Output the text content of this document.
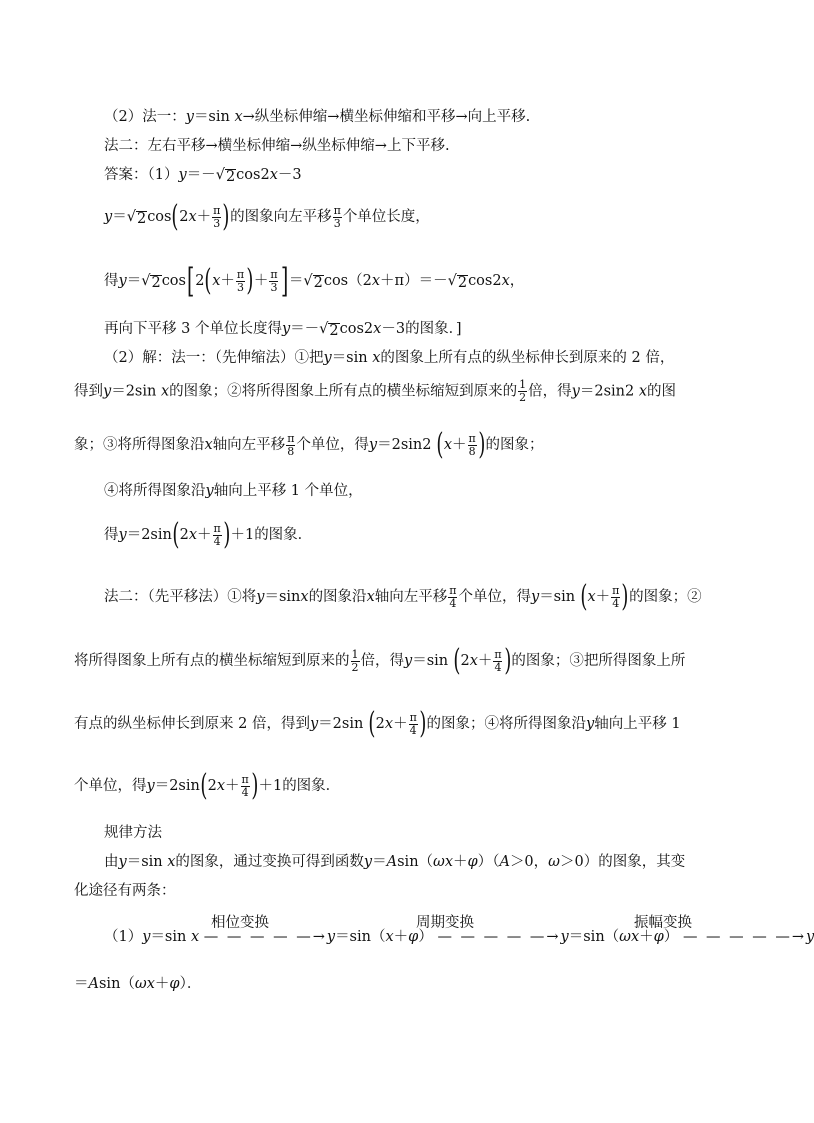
（2）法一：y＝sin x→纵坐标伸缩→横坐标伸缩和平移→向上平移.
法二：左右平移→横坐标伸缩→纵坐标伸缩→上下平移.
答案：（1）y＝－√ 2 cos2x－3
y＝√ 2 $\cos(2x+ \frac{\pi}{3}$ )的图象向左平移 $\frac{\pi}{3}$ 个单位长度，
得y＝√ 2 $\cos[2(x+ \frac{\pi}{3}$ )＋ $\frac{\pi}{3}$ ]＝√ 2 cos（2x＋π）＝－√ 2 cos2x，
再向下平移 3 个单位长度得y＝－√ 2 cos2x－3的图象．]
（2）解：法一：（先伸缩法）①把y＝sin x的图象上所有点的纵坐标伸长到原来的 2 倍，
得到y＝2sin x的图象；②将所得图象上所有点的横坐标缩短到原来的 $\frac{1}{2}$ 倍，得y＝2sin2 x的图
象；③将所得图象沿x轴向左平移 $\frac{\pi}{8}$ 个单位，得y＝2sin2 ($x+ \frac{\pi}{8}$ )的图象；
④将所得图象沿y轴向上平移 1 个单位，
得$y=2\sin(2x+ \frac{\pi}{4} )+1$的图象．
法二：（先平移法）①将y＝sinx的图象沿x轴向左平移 $\frac{\pi}{4}$ 个单位，得y＝sin ($x+ \frac{\pi}{4}$ )的图象；②
将所得图象上所有点的横坐标缩短到原来的 $\frac{1}{2}$ 倍，得y＝sin ($2x+ \frac{\pi}{4}$ )的图象；③把所得图象上所
有点的纵坐标伸长到原来 2 倍，得到y＝2sin ($2x+ \frac{\pi}{4}$ )的图象；④将所得图象沿y轴向上平移 1
个单位，得$y=2\sin(2x+ \frac{\pi}{4} )+1$的图象．
规律方法
由y＝sin x的图象，通过变换可得到函数y＝Asin（ωx＋φ）（A＞0，ω＞0）的图象，其变
化途径有两条：
相位变换	周期变换	振幅变换
（1）y＝sin x — — — — —→y＝sin（x＋φ） — — — — —→y＝sin（ωx＋φ） — — — — —→y
＝Asin（ωx＋φ）．
